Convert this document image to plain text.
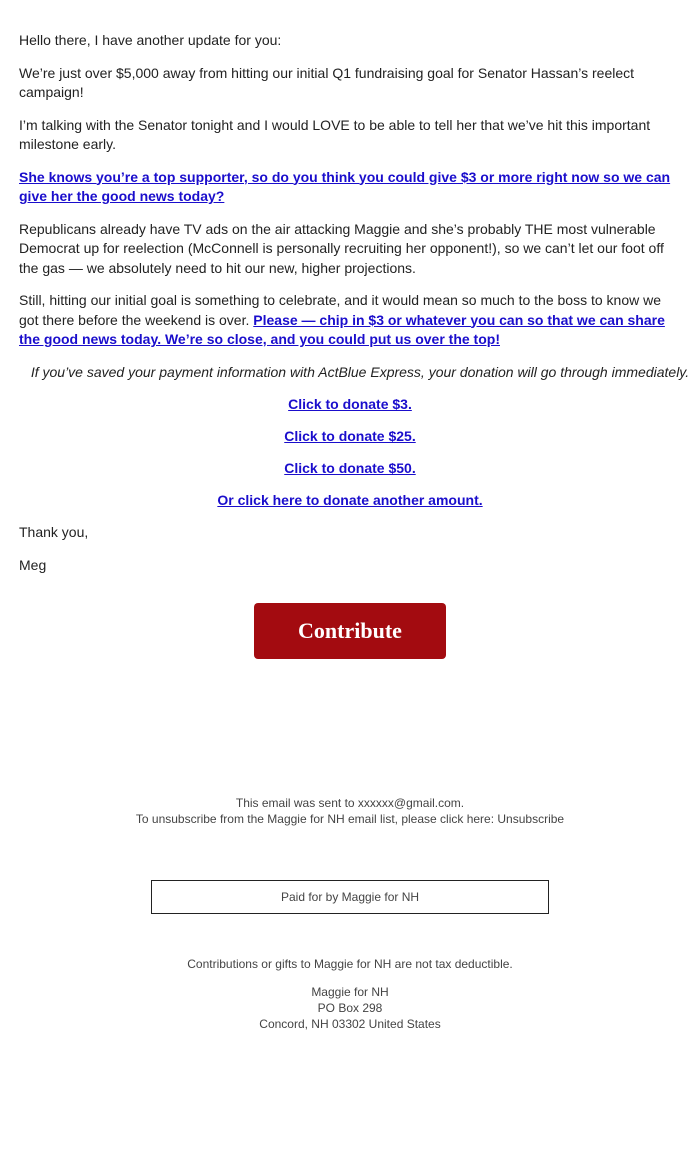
Hello there, I have another update for you:

We’re just over $5,000 away from hitting our initial Q1 fundraising goal for Senator Hassan’s reelect campaign!

I’m talking with the Senator tonight and I would LOVE to be able to tell her that we’ve hit this important milestone early.

She knows you’re a top supporter, so do you think you could give $3 or more right now so we can give her the good news today?

Republicans already have TV ads on the air attacking Maggie and she’s probably THE most vulnerable Democrat up for reelection (McConnell is personally recruiting her opponent!), so we can’t let our foot off the gas — we absolutely need to hit our new, higher projections.

Still, hitting our initial goal is something to celebrate, and it would mean so much to the boss to know we got there before the weekend is over. Please — chip in $3 or whatever you can so that we can share the good news today. We’re so close, and you could put us over the top!

If you’ve saved your payment information with ActBlue Express, your donation will go through immediately.

Click to donate $3.

Click to donate $25.

Click to donate $50.

Or click here to donate another amount.

Thank you,

Meg

Contribute
This email was sent to xxxxxx@gmail.com.
To unsubscribe from the Maggie for NH email list, please click here: Unsubscribe
Paid for by Maggie for NH
Contributions or gifts to Maggie for NH are not tax deductible.
Maggie for NH
PO Box 298
Concord, NH 03302 United States
